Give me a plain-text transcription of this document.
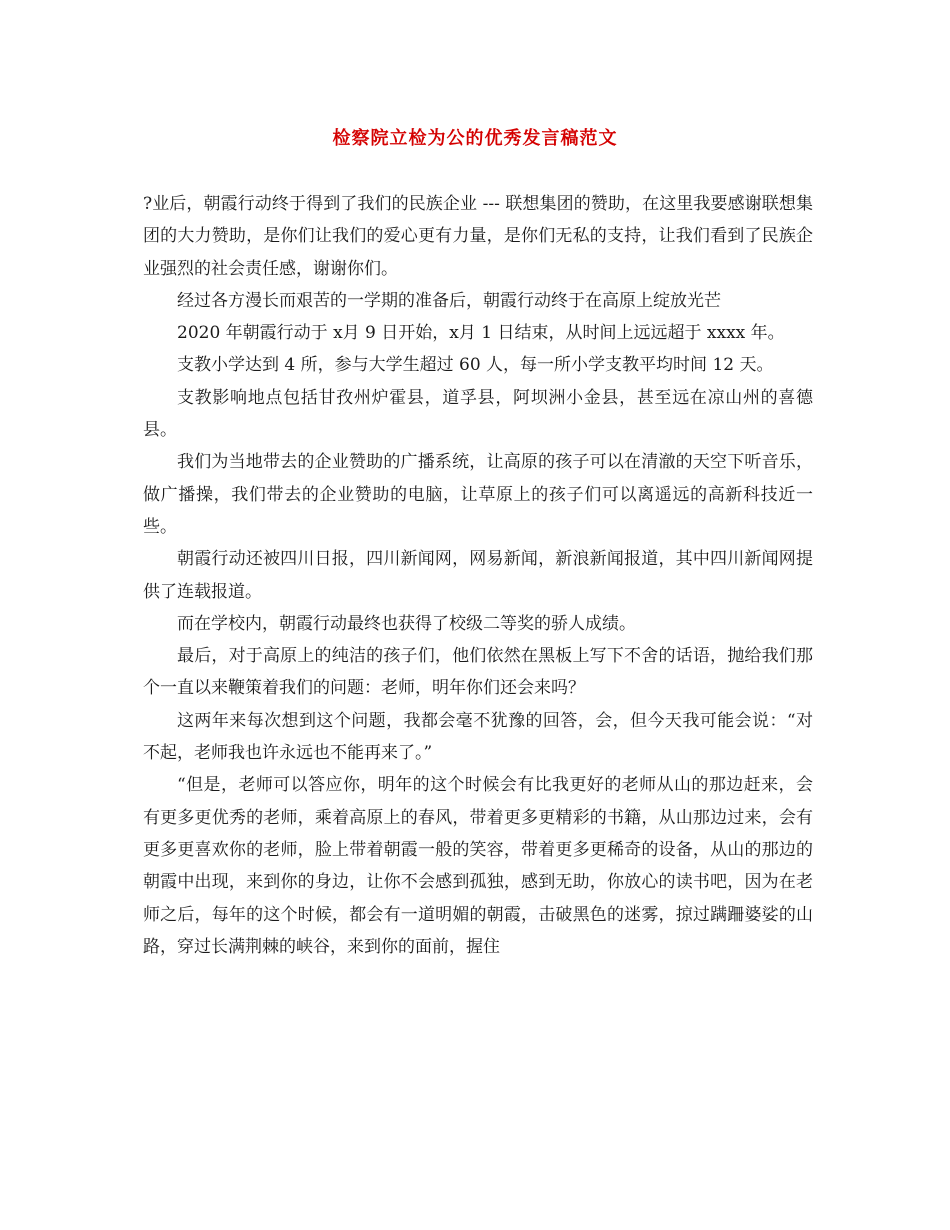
检察院立检为公的优秀发言稿范文

?业后，朝霞行动终于得到了我们的民族企业 --- 联想集团的赞助，在这里我要感谢联想集团的大力赞助，是你们让我们的爱心更有力量，是你们无私的支持，让我们看到了民族企业强烈的社会责任感，谢谢你们。

经过各方漫长而艰苦的一学期的准备后，朝霞行动终于在高原上绽放光芒

2020 年朝霞行动于 x月 9 日开始，x月 1 日结束，从时间上远远超于 xxxx 年。

支教小学达到 4 所，参与大学生超过 60 人，每一所小学支教平均时间 12 天。

支教影响地点包括甘孜州炉霍县，道孚县，阿坝洲小金县，甚至远在凉山州的喜德县。

我们为当地带去的企业赞助的广播系统，让高原的孩子可以在清澈的天空下听音乐，做广播操，我们带去的企业赞助的电脑，让草原上的孩子们可以离遥远的高新科技近一些。

朝霞行动还被四川日报，四川新闻网，网易新闻，新浪新闻报道，其中四川新闻网提供了连载报道。

而在学校内，朝霞行动最终也获得了校级二等奖的骄人成绩。

最后，对于高原上的纯洁的孩子们，他们依然在黑板上写下不舍的话语，抛给我们那个一直以来鞭策着我们的问题：老师，明年你们还会来吗？

这两年来每次想到这个问题，我都会毫不犹豫的回答，会，但今天我可能会说：“对不起，老师我也许永远也不能再来了。”

“但是，老师可以答应你，明年的这个时候会有比我更好的老师从山的那边赶来，会有更多更优秀的老师，乘着高原上的春风，带着更多更精彩的书籍，从山那边过来，会有更多更喜欢你的老师，脸上带着朝霞一般的笑容，带着更多更稀奇的设备，从山的那边的朝霞中出现，来到你的身边，让你不会感到孤独，感到无助，你放心的读书吧，因为在老师之后，每年的这个时候，都会有一道明媚的朝霞，击破黑色的迷雾，掠过蹒跚婆娑的山路，穿过长满荆棘的峡谷，来到你的面前，握住
